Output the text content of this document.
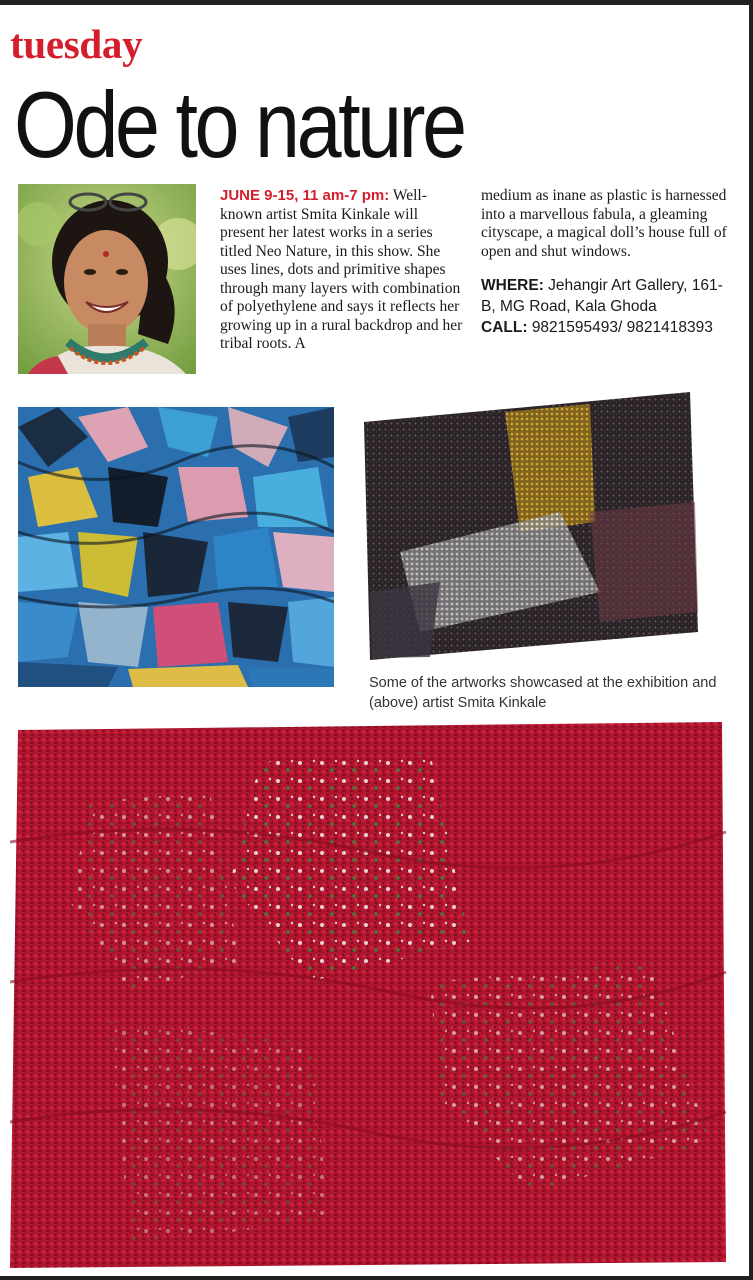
tuesday
Ode to nature
JUNE 9-15, 11 am-7 pm: Well-known artist Smita Kinkale will present her latest works in a series titled Neo Nature, in this show. She uses lines, dots and primitive shapes through many layers with combination of polyethylene and says it reflects her growing up in a rural backdrop and her tribal roots. A
medium as inane as plastic is harnessed into a marvellous fabula, a gleaming cityscape, a magical doll’s house full of open and shut windows.
WHERE: Jehangir Art Gallery, 161-B, MG Road, Kala Ghoda
CALL: 9821595493/ 9821418393
Some of the artworks showcased at the exhibition and (above) artist Smita Kinkale
